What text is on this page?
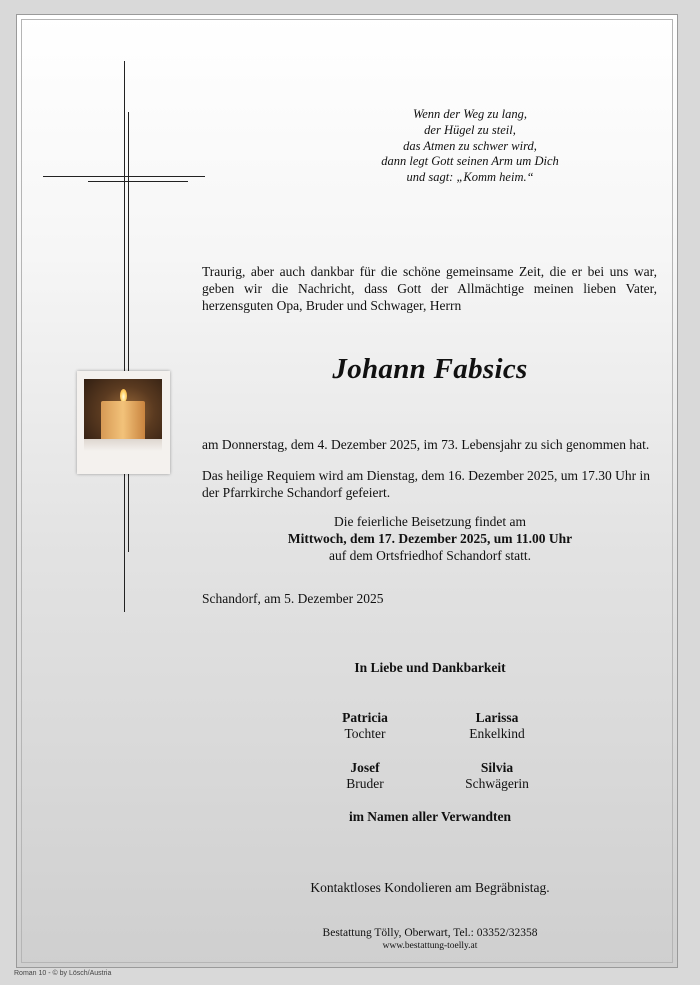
Wenn der Weg zu lang,
der Hügel zu steil,
das Atmen zu schwer wird,
dann legt Gott seinen Arm um Dich
und sagt: „Komm heim.“
Traurig, aber auch dankbar für die schöne gemeinsame Zeit, die er bei uns war, geben wir die Nachricht, dass Gott der Allmächtige meinen lieben Vater, herzensguten Opa, Bruder und Schwager, Herrn
Johann Fabsics
am Donnerstag, dem 4. Dezember 2025, im 73. Lebensjahr zu sich genommen hat.
Das heilige Requiem wird am Dienstag, dem 16. Dezember 2025, um 17.30 Uhr in der Pfarrkirche Schandorf gefeiert.
Die feierliche Beisetzung findet am
Mittwoch, dem 17. Dezember 2025, um 11.00 Uhr
auf dem Ortsfriedhof Schandorf statt.
Schandorf, am 5. Dezember 2025
In Liebe und Dankbarkeit
Patricia
Tochter
Larissa
Enkelkind
Josef
Bruder
Silvia
Schwägerin
im Namen aller Verwandten
Kontaktloses Kondolieren am Begräbnistag.
Bestattung Tölly, Oberwart, Tel.: 03352/32358
www.bestattung-toelly.at
Roman 10 - © by Lösch/Austria
